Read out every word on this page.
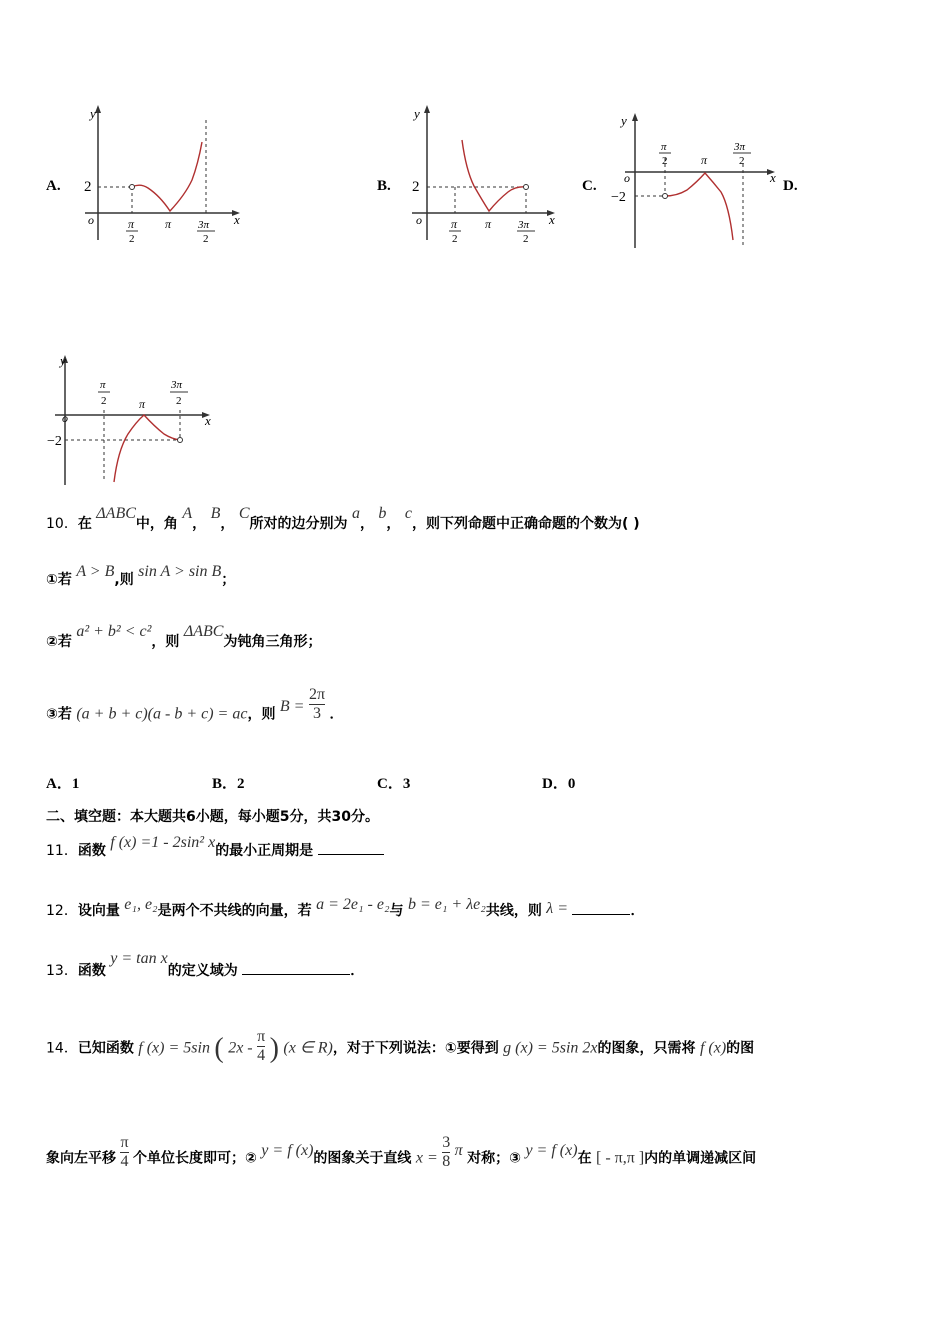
A.	B.	C.	D.
y
x
o
2
π
2
π 3π
2
y
x
o
2
π
2
π 3π
2
y
x
o
−2
π
2	π
3π
2
y
x
o
−2
π
2	π
3π
2
10．在 ΔABC中，角 A， B， C所对的边分别为 a， b， c，则下列命题中正确命题的个数为( )
①若 A > B,则 sin A > sin B；
②若 a² + b² < c²，则 ΔABC为钝角三角形；
③若 (a + b + c)(a - b + c) = ac，则 $B = \frac{2\pi}{3}$ ．
A．1	B．2	C．3	D．0
二、填空题：本大题共6小题，每小题5分，共30分。
11．函数 f (x) =1 - 2sin² x的最小正周期是
12．设向量 e₁, e₂是两个不共线的向量，若 a = 2e₁ - e₂与 b = e₁ + λe₂共线，则 λ =	．
13．函数 y = tan x的定义域为	．
14．已知函数 f (x) = 5sin ( $2x - \frac{\pi}{4}$ ) (x ∈ R)，对于下列说法：①要得到 g (x) = 5sin 2x的图象，只需将 f (x)的图
象向左平移 $\frac{\pi}{4}$ 个单位长度即可；② y = f (x)的图象关于直线 $x = \frac{3}{8}$ π 对称；③ y = f (x)在 [ - π,π ]内的单调递减区间
